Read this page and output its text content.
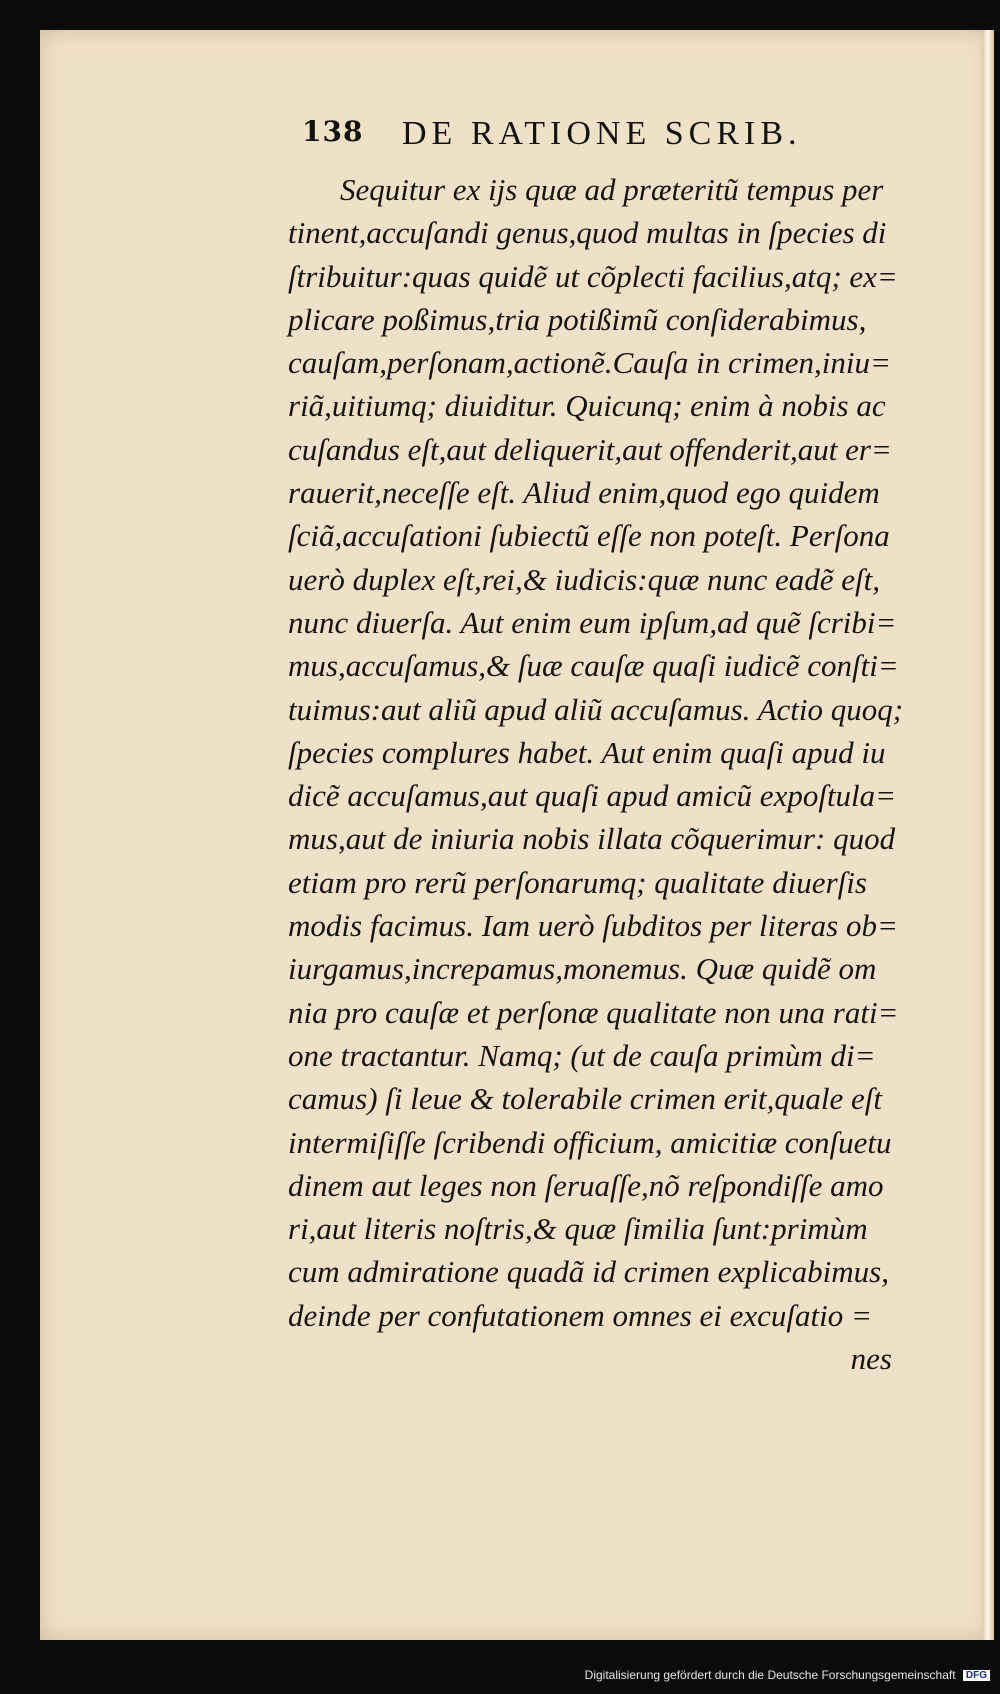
138 DE RATIONE SCRIB.
Sequitur ex ijs quæ ad præteritũ tempus per
tinent,accuſandi genus,quod multas in ſpecies di
ſtribuitur:quas quidẽ ut cõplecti facilius,atq; ex=
plicare poßimus,tria potißimũ conſiderabimus,
cauſam,perſonam,actionẽ.Cauſa in crimen,iniu=
riã,uitiumq; diuiditur. Quicunq; enim à nobis ac
cuſandus eſt,aut deliquerit,aut offenderit,aut er=
rauerit,neceſſe eſt. Aliud enim,quod ego quidem
ſciã,accuſationi ſubiectũ eſſe non poteſt. Perſona
uerò duplex eſt,rei,& iudicis:quæ nunc eadẽ eſt,
nunc diuerſa. Aut enim eum ipſum,ad quẽ ſcribi=
mus,accuſamus,& ſuæ cauſæ quaſi iudicẽ conſti=
tuimus:aut aliũ apud aliũ accuſamus. Actio quoq;
ſpecies complures habet. Aut enim quaſi apud iu
dicẽ accuſamus,aut quaſi apud amicũ expoſtula=
mus,aut de iniuria nobis illata cõquerimur: quod
etiam pro rerũ perſonarumq; qualitate diuerſis
modis facimus. Iam uerò ſubditos per literas ob=
iurgamus,increpamus,monemus. Quæ quidẽ om
nia pro cauſæ et perſonæ qualitate non una rati=
one tractantur. Namq; (ut de cauſa primùm di=
camus) ſi leue & tolerabile crimen erit,quale eſt
intermiſiſſe ſcribendi officium, amicitiæ conſuetu
dinem aut leges non ſeruaſſe,nõ reſpondiſſe amo
ri,aut literis noſtris,& quæ ſimilia ſunt:primùm
cum admiratione quadã id crimen explicabimus,
deinde per confutationem omnes ei excuſatio =
nes
Digitalisierung gefördert durch die Deutsche Forschungsgemeinschaft DFG
